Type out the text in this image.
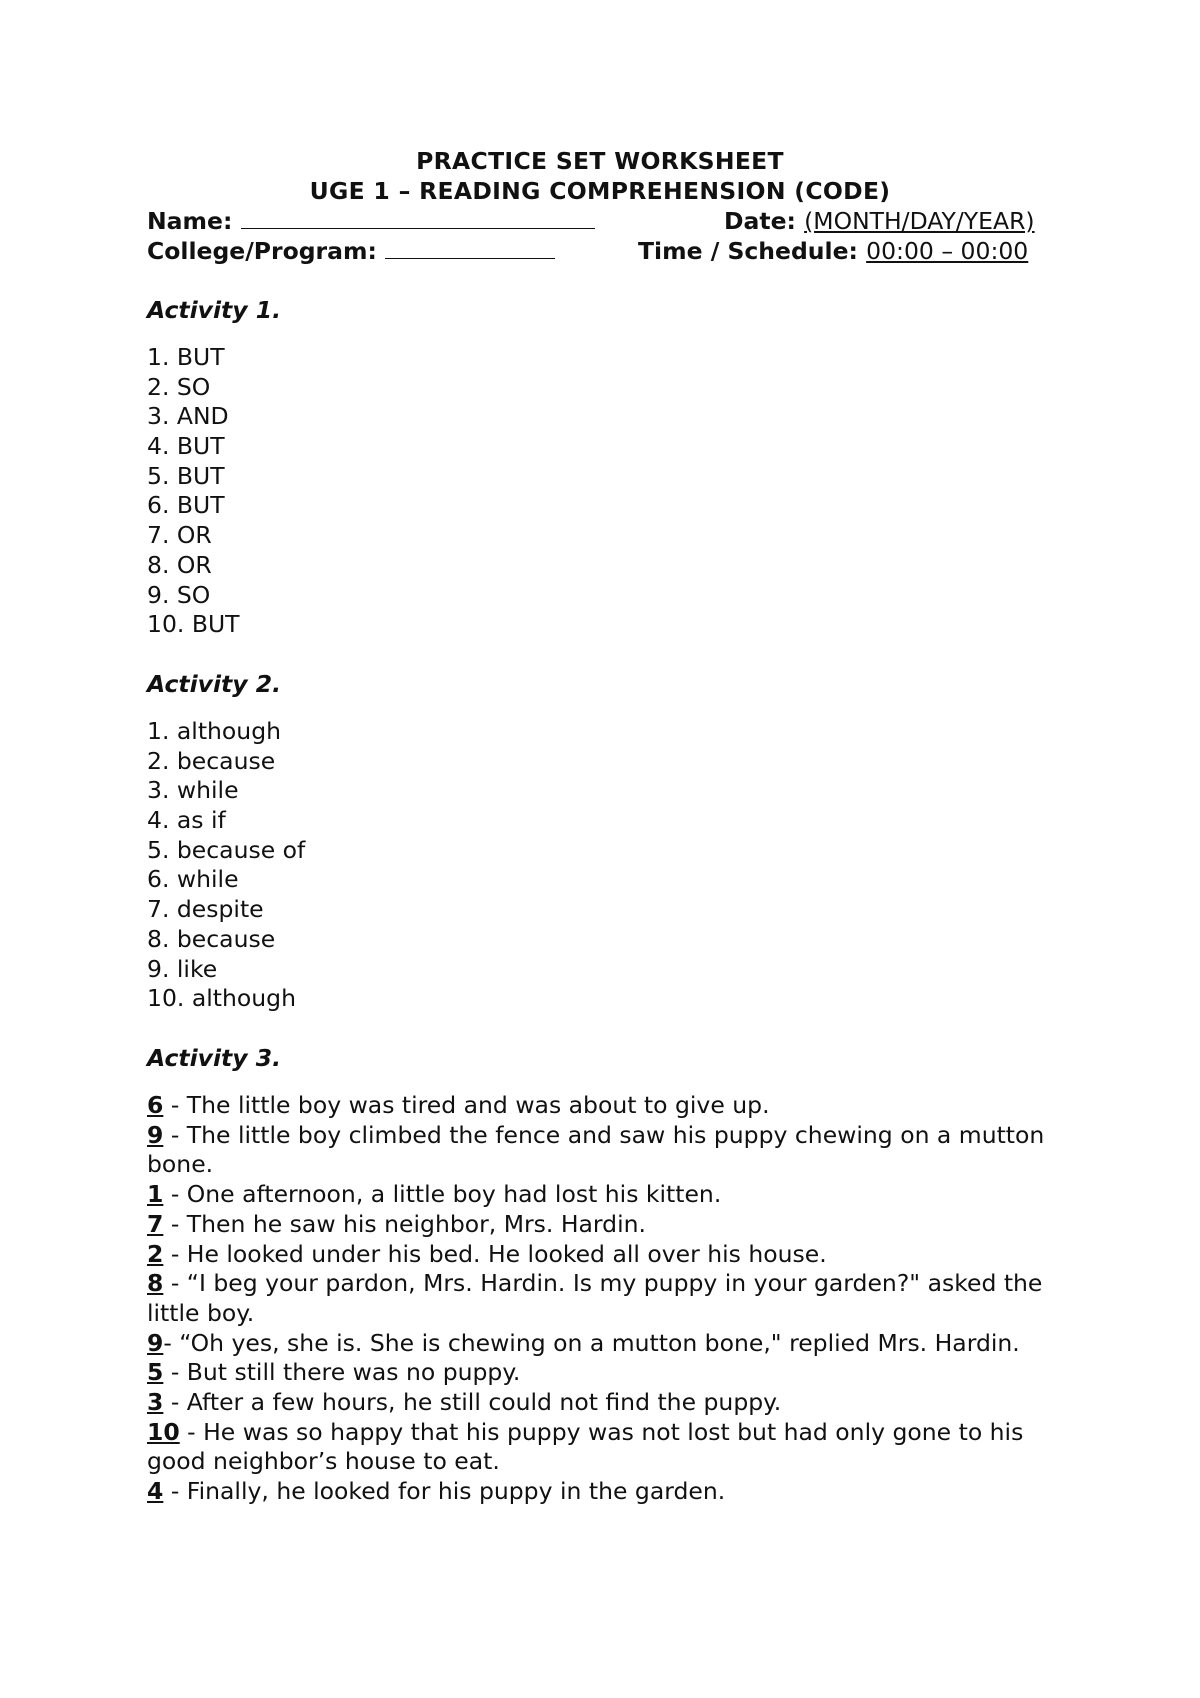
PRACTICE SET WORKSHEET
UGE 1 – READING COMPREHENSION (CODE)
Name:	Date: (MONTH/DAY/YEAR)
College/Program:	Time / Schedule: 00:00 – 00:00
Activity 1.
1. BUT
2. SO
3. AND
4. BUT
5. BUT
6. BUT
7. OR
8. OR
9. SO
10. BUT
Activity 2.
1. although
2. because
3. while
4. as if
5. because of
6. while
7. despite
8. because
9. like
10. although
Activity 3.
6 - The little boy was tired and was about to give up.
9 - The little boy climbed the fence and saw his puppy chewing on a mutton bone.
1 - One afternoon, a little boy had lost his kitten.
7 - Then he saw his neighbor, Mrs. Hardin.
2 - He looked under his bed. He looked all over his house.
8 - “I beg your pardon, Mrs. Hardin. Is my puppy in your garden?" asked the little boy.
9- “Oh yes, she is. She is chewing on a mutton bone," replied Mrs. Hardin.
5 - But still there was no puppy.
3 - After a few hours, he still could not find the puppy.
10 - He was so happy that his puppy was not lost but had only gone to his good neighbor’s house to eat.
4 - Finally, he looked for his puppy in the garden.
